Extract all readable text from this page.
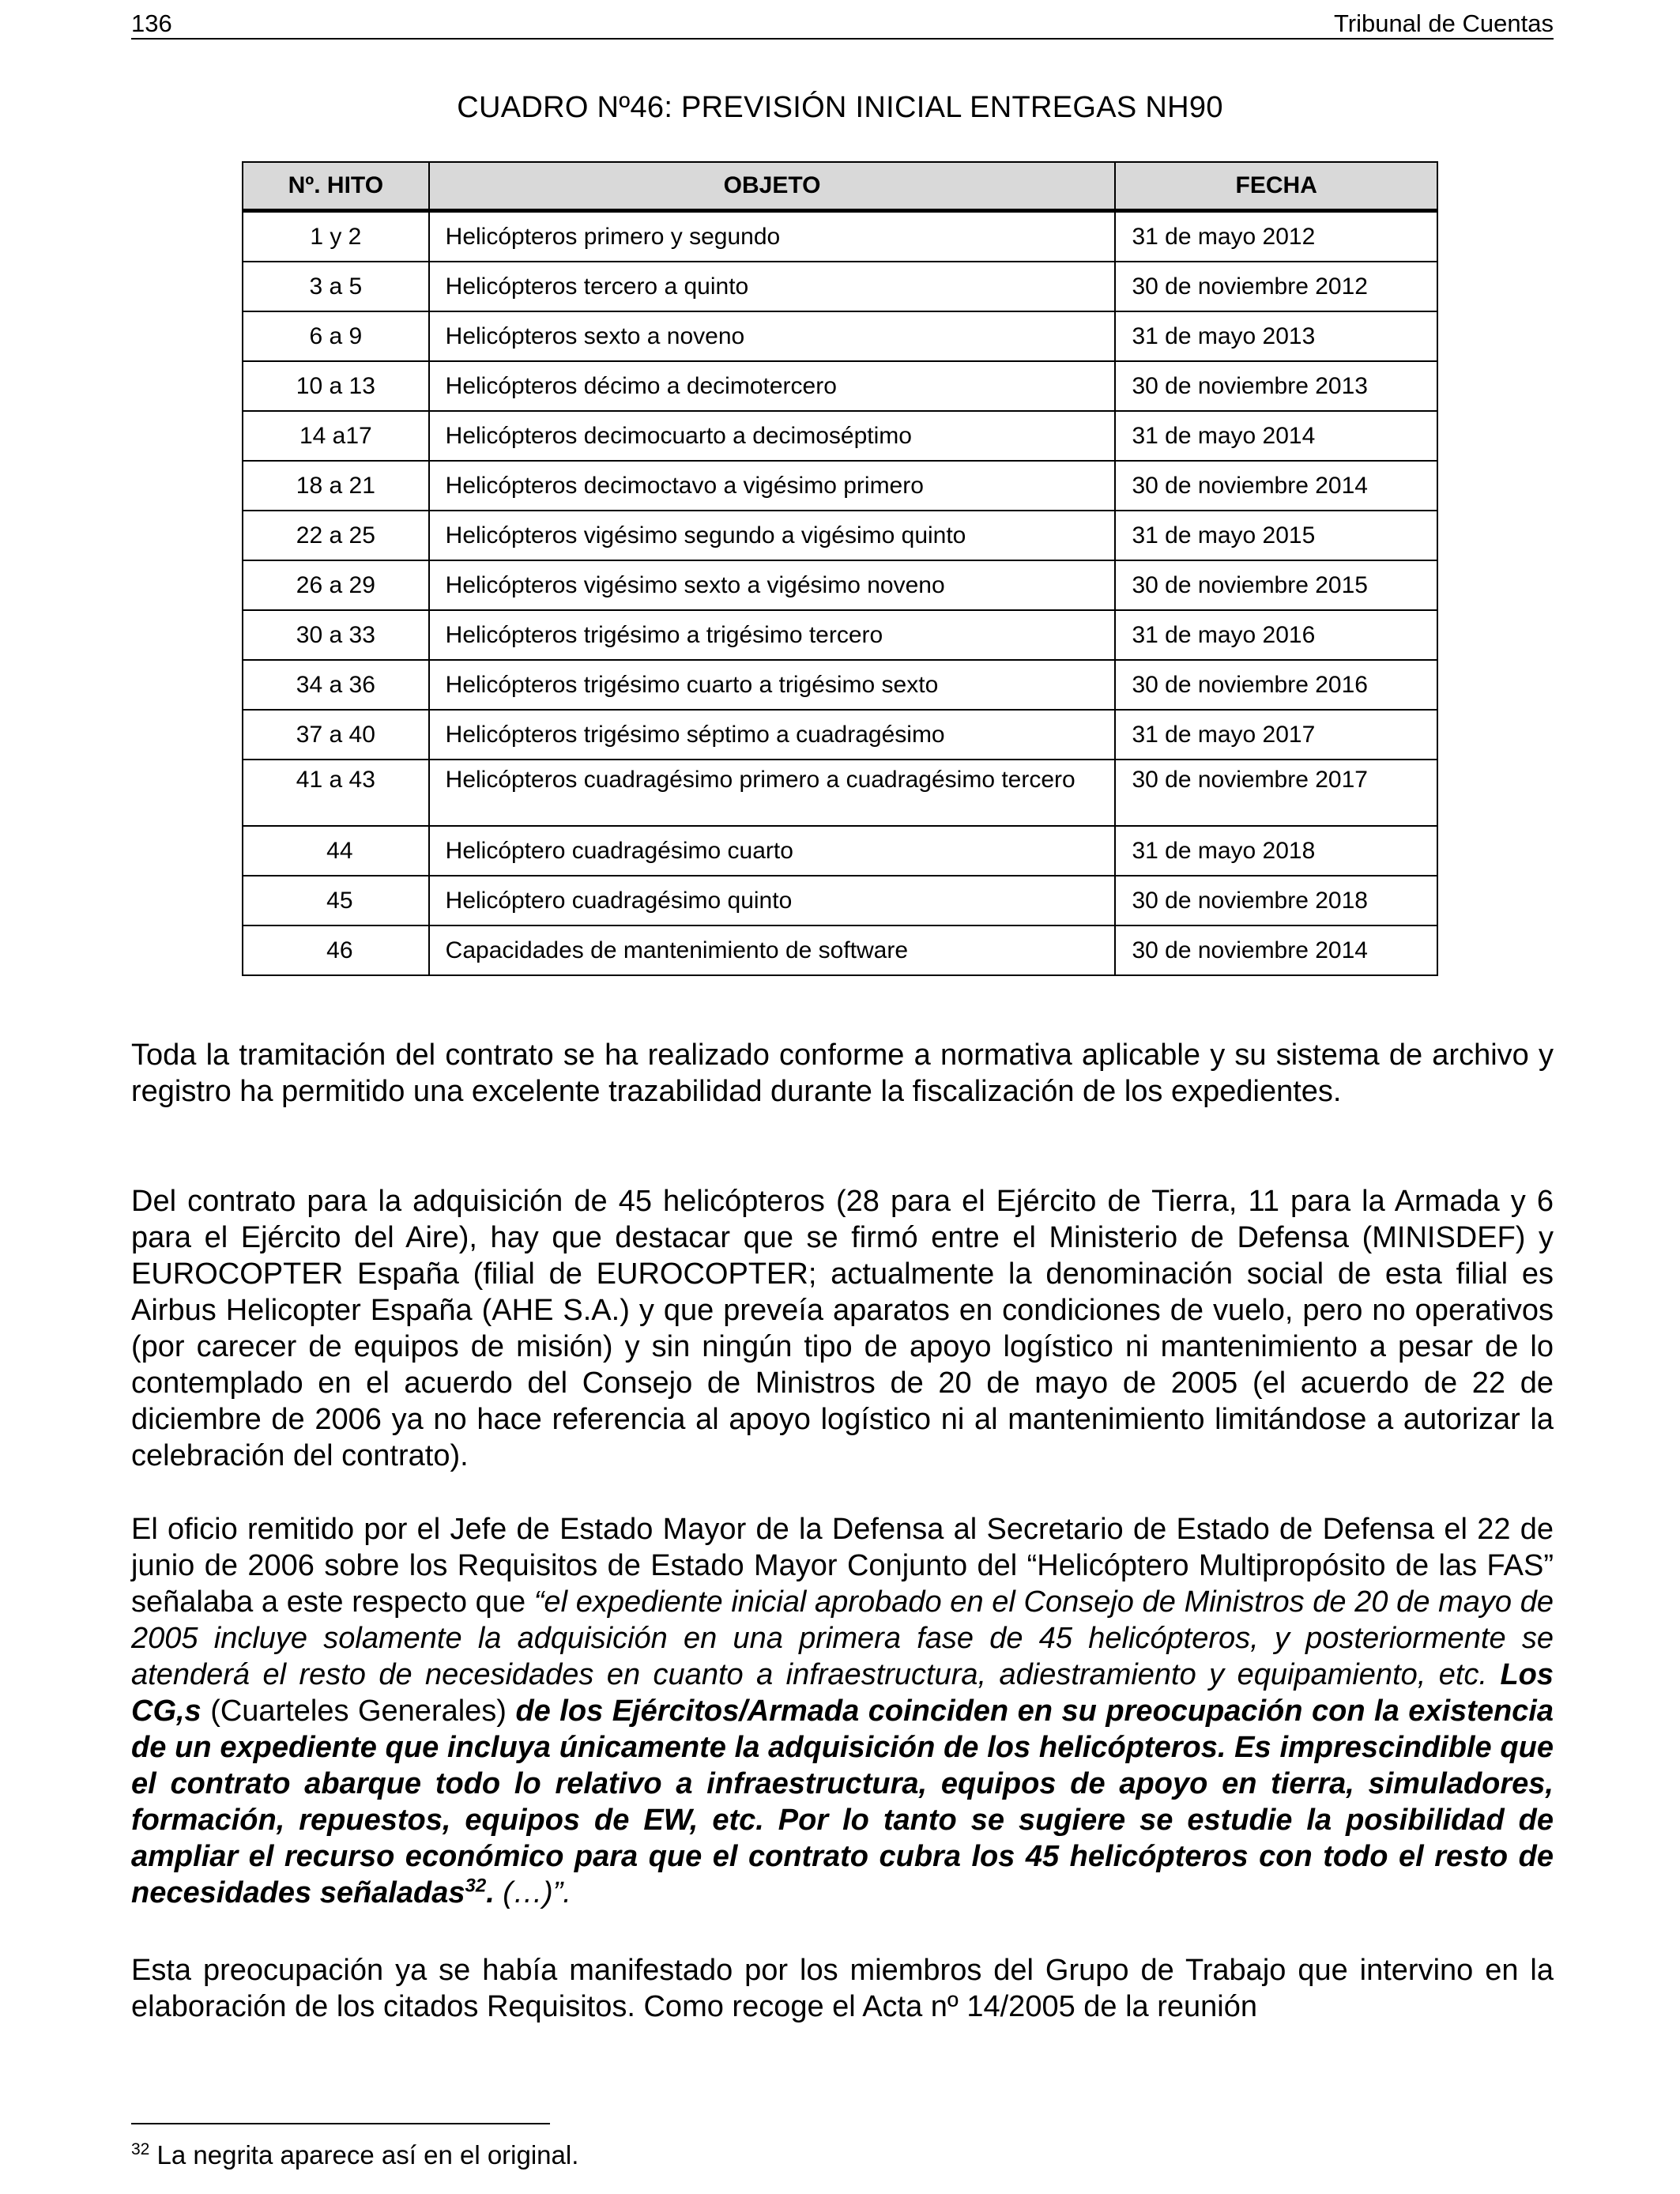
136	Tribunal de Cuentas
CUADRO Nº46: PREVISIÓN INICIAL ENTREGAS NH90
Nº. HITO	OBJETO	FECHA
1 y 2	Helicópteros primero y segundo	31 de mayo 2012
3 a 5	Helicópteros tercero a quinto	30 de noviembre 2012
6 a 9	Helicópteros sexto a noveno	31 de mayo 2013
10 a 13	Helicópteros décimo a decimotercero	30 de noviembre 2013
14 a17	Helicópteros decimocuarto a decimoséptimo	31 de mayo 2014
18 a 21	Helicópteros decimoctavo a vigésimo primero	30 de noviembre 2014
22 a 25	Helicópteros vigésimo segundo a vigésimo quinto	31 de mayo 2015
26 a 29	Helicópteros vigésimo sexto a vigésimo noveno	30 de noviembre 2015
30 a 33	Helicópteros trigésimo a trigésimo tercero	31 de mayo 2016
34 a 36	Helicópteros trigésimo cuarto a trigésimo sexto	30 de noviembre 2016
37 a 40	Helicópteros trigésimo séptimo a cuadragésimo	31 de mayo 2017
41 a 43	Helicópteros cuadragésimo primero a cuadragésimo tercero	30 de noviembre 2017
44	Helicóptero cuadragésimo cuarto	31 de mayo 2018
45	Helicóptero cuadragésimo quinto	30 de noviembre 2018
46	Capacidades de mantenimiento de software	30 de noviembre 2014

Toda la tramitación del contrato se ha realizado conforme a normativa aplicable y su sistema de archivo y registro ha permitido una excelente trazabilidad durante la fiscalización de los expedientes.

Del contrato para la adquisición de 45 helicópteros (28 para el Ejército de Tierra, 11 para la Armada y 6 para el Ejército del Aire), hay que destacar que se firmó entre el Ministerio de Defensa (MINISDEF) y EUROCOPTER España (filial de EUROCOPTER; actualmente la denominación social de esta filial es Airbus Helicopter España (AHE S.A.) y que preveía aparatos en condiciones de vuelo, pero no operativos (por carecer de equipos de misión) y sin ningún tipo de apoyo logístico ni mantenimiento a pesar de lo contemplado en el acuerdo del Consejo de Ministros de 20 de mayo de 2005 (el acuerdo de 22 de diciembre de 2006 ya no hace referencia al apoyo logístico ni al mantenimiento limitándose a autorizar la celebración del contrato).

El oficio remitido por el Jefe de Estado Mayor de la Defensa al Secretario de Estado de Defensa el 22 de junio de 2006 sobre los Requisitos de Estado Mayor Conjunto del “Helicóptero Multipropósito de las FAS” señalaba a este respecto que “el expediente inicial aprobado en el Consejo de Ministros de 20 de mayo de 2005 incluye solamente la adquisición en una primera fase de 45 helicópteros, y posteriormente se atenderá el resto de necesidades en cuanto a infraestructura, adiestramiento y equipamiento, etc. Los CG,s (Cuarteles Generales) de los Ejércitos/Armada coinciden en su preocupación con la existencia de un expediente que incluya únicamente la adquisición de los helicópteros. Es imprescindible que el contrato abarque todo lo relativo a infraestructura, equipos de apoyo en tierra, simuladores, formación, repuestos, equipos de EW, etc. Por lo tanto se sugiere se estudie la posibilidad de ampliar el recurso económico para que el contrato cubra los 45 helicópteros con todo el resto de necesidades señaladas$^{32}$. (…)”.

Esta preocupación ya se había manifestado por los miembros del Grupo de Trabajo que intervino en la elaboración de los citados Requisitos. Como recoge el Acta nº 14/2005 de la reunión

$^{32}$ La negrita aparece así en el original.
